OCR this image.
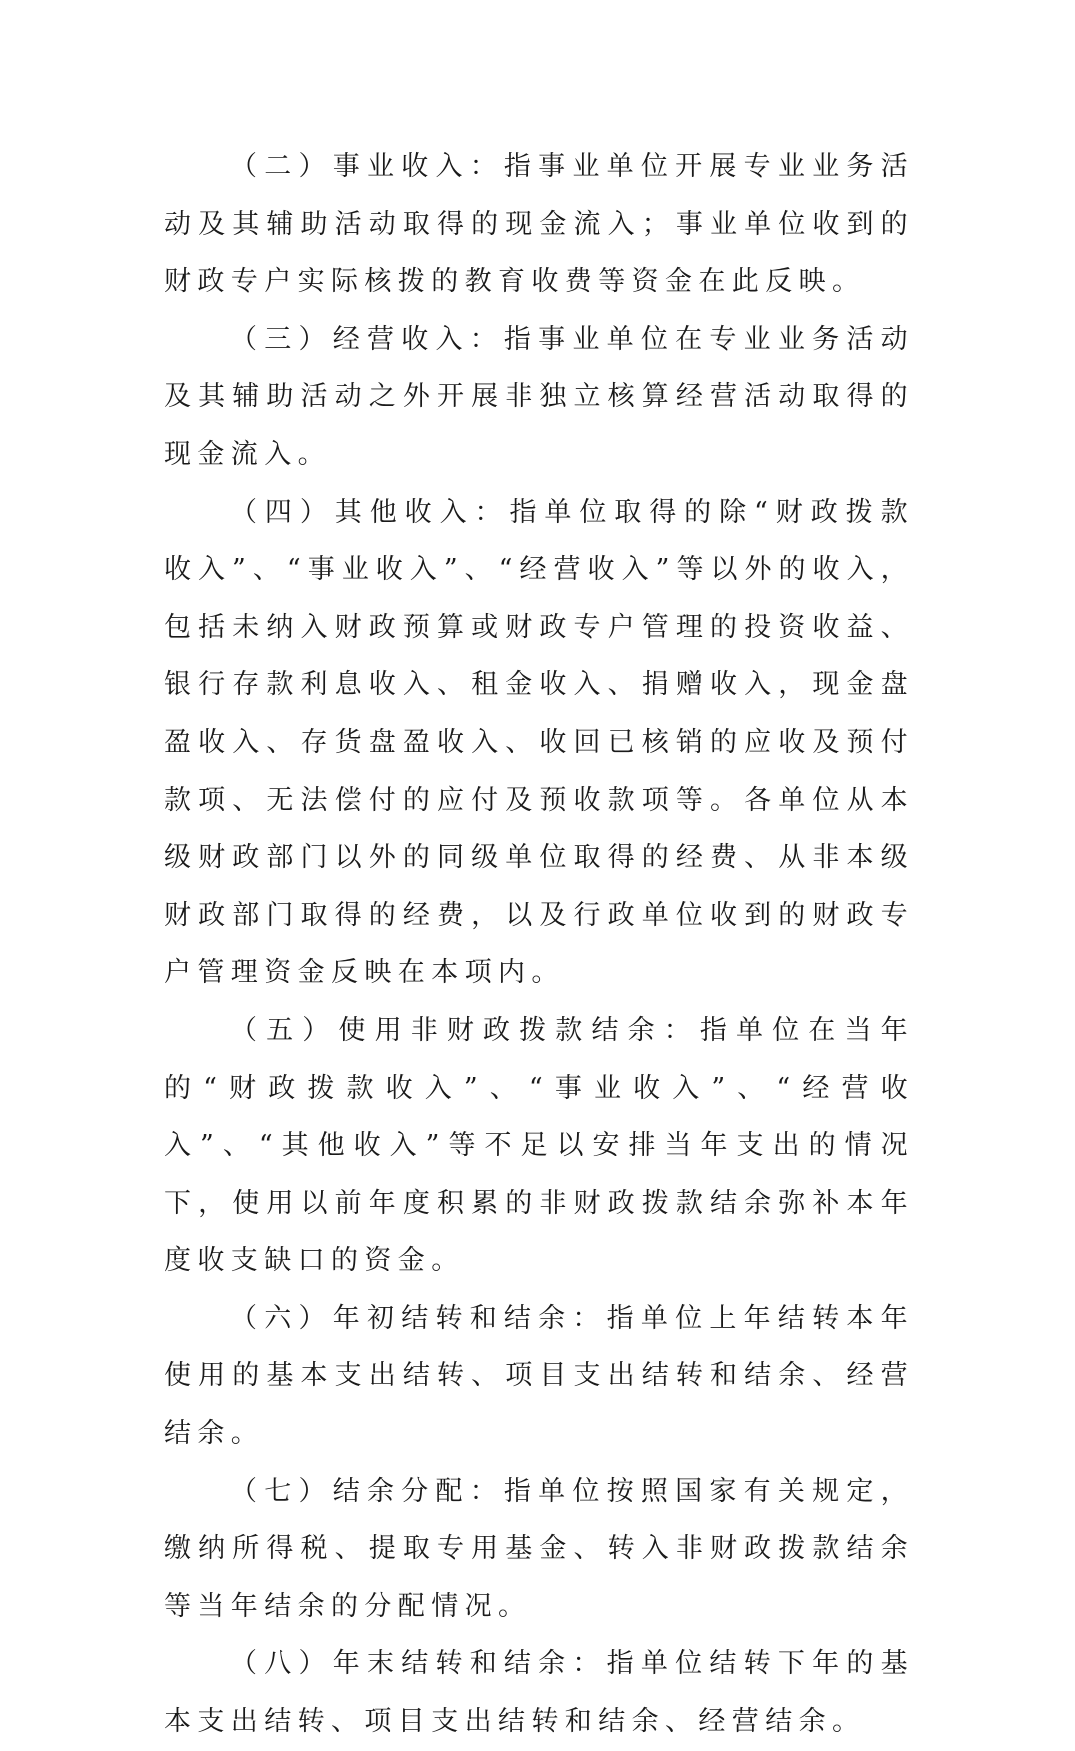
（二）事业收入：指事业单位开展专业业务活动及其辅助活动取得的现金流入；事业单位收到的财政专户实际核拨的教育收费等资金在此反映。

（三）经营收入：指事业单位在专业业务活动及其辅助活动之外开展非独立核算经营活动取得的现金流入。

（四）其他收入：指单位取得的除“财政拨款收入”、“事业收入”、“经营收入”等以外的收入，包括未纳入财政预算或财政专户管理的投资收益、银行存款利息收入、租金收入、捐赠收入，现金盘盈收入、存货盘盈收入、收回已核销的应收及预付款项、无法偿付的应付及预收款项等。各单位从本级财政部门以外的同级单位取得的经费、从非本级财政部门取得的经费，以及行政单位收到的财政专户管理资金反映在本项内。

（五）使用非财政拨款结余：指单位在当年的“财政拨款收入”、“事业收入”、“经营收入”、“其他收入”等不足以安排当年支出的情况下，使用以前年度积累的非财政拨款结余弥补本年度收支缺口的资金。

（六）年初结转和结余：指单位上年结转本年使用的基本支出结转、项目支出结转和结余、经营结余。

（七）结余分配：指单位按照国家有关规定，缴纳所得税、提取专用基金、转入非财政拨款结余等当年结余的分配情况。

（八）年末结转和结余：指单位结转下年的基本支出结转、项目支出结转和结余、经营结余。
